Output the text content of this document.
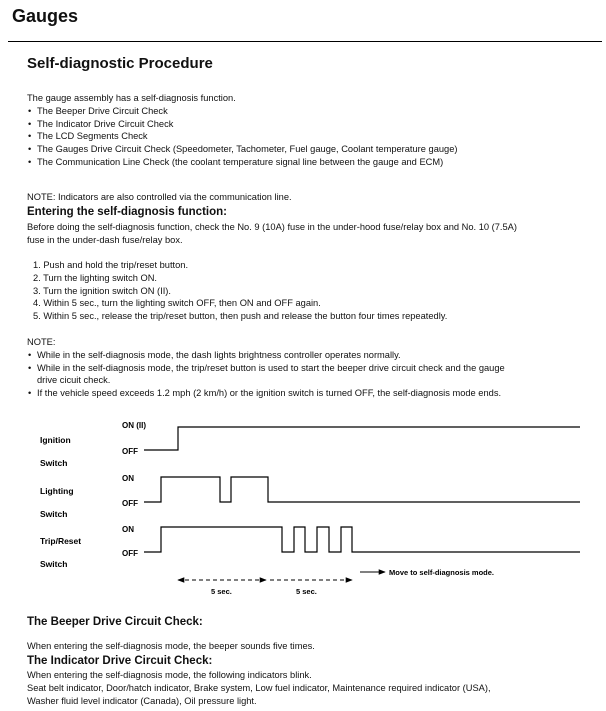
Gauges
Self-diagnostic Procedure

The gauge assembly has a self-diagnosis function.

• The Beeper Drive Circuit Check
• The Indicator Drive Circuit Check
• The LCD Segments Check
• The Gauges Drive Circuit Check (Speedometer, Tachometer, Fuel gauge, Coolant temperature gauge)
• The Communication Line Check (the coolant temperature signal line between the gauge and ECM)

NOTE: Indicators are also controlled via the communication line.

Entering the self-diagnosis function:

Before doing the self-diagnosis function, check the No. 9 (10A) fuse in the under-hood fuse/relay box and No. 10 (7.5A)

fuse in the under-dash fuse/relay box.

1. Push and hold the trip/reset button.
2. Turn the lighting switch ON.
3. Turn the ignition switch ON (II).
4. Within 5 sec., turn the lighting switch OFF, then ON and OFF again.
5. Within 5 sec., release the trip/reset button, then push and release the button four times repeatedly.

NOTE:

• While in the self-diagnosis mode, the dash lights brightness controller operates normally.
• While in the self-diagnosis mode, the trip/reset button is used to start the beeper drive circuit check and the gauge
drive cicuit check.
• If the vehicle speed exceeds 1.2 mph (2 km/h) or the ignition switch is turned OFF, the self-diagnosis mode ends.
Ignition
Switch
Lighting
Switch
Trip/Reset
Switch
ON (II)
OFF
ON
OFF
ON
OFF
5 sec.	5 sec.
Move to self-diagnosis mode.
The Beeper Drive Circuit Check:

When entering the self-diagnosis mode, the beeper sounds five times.

The Indicator Drive Circuit Check:

When entering the self-diagnosis mode, the following indicators blink.

Seat belt indicator, Door/hatch indicator, Brake system, Low fuel indicator, Maintenance required indicator (USA),

Washer fluid level indicator (Canada), Oil pressure light.
